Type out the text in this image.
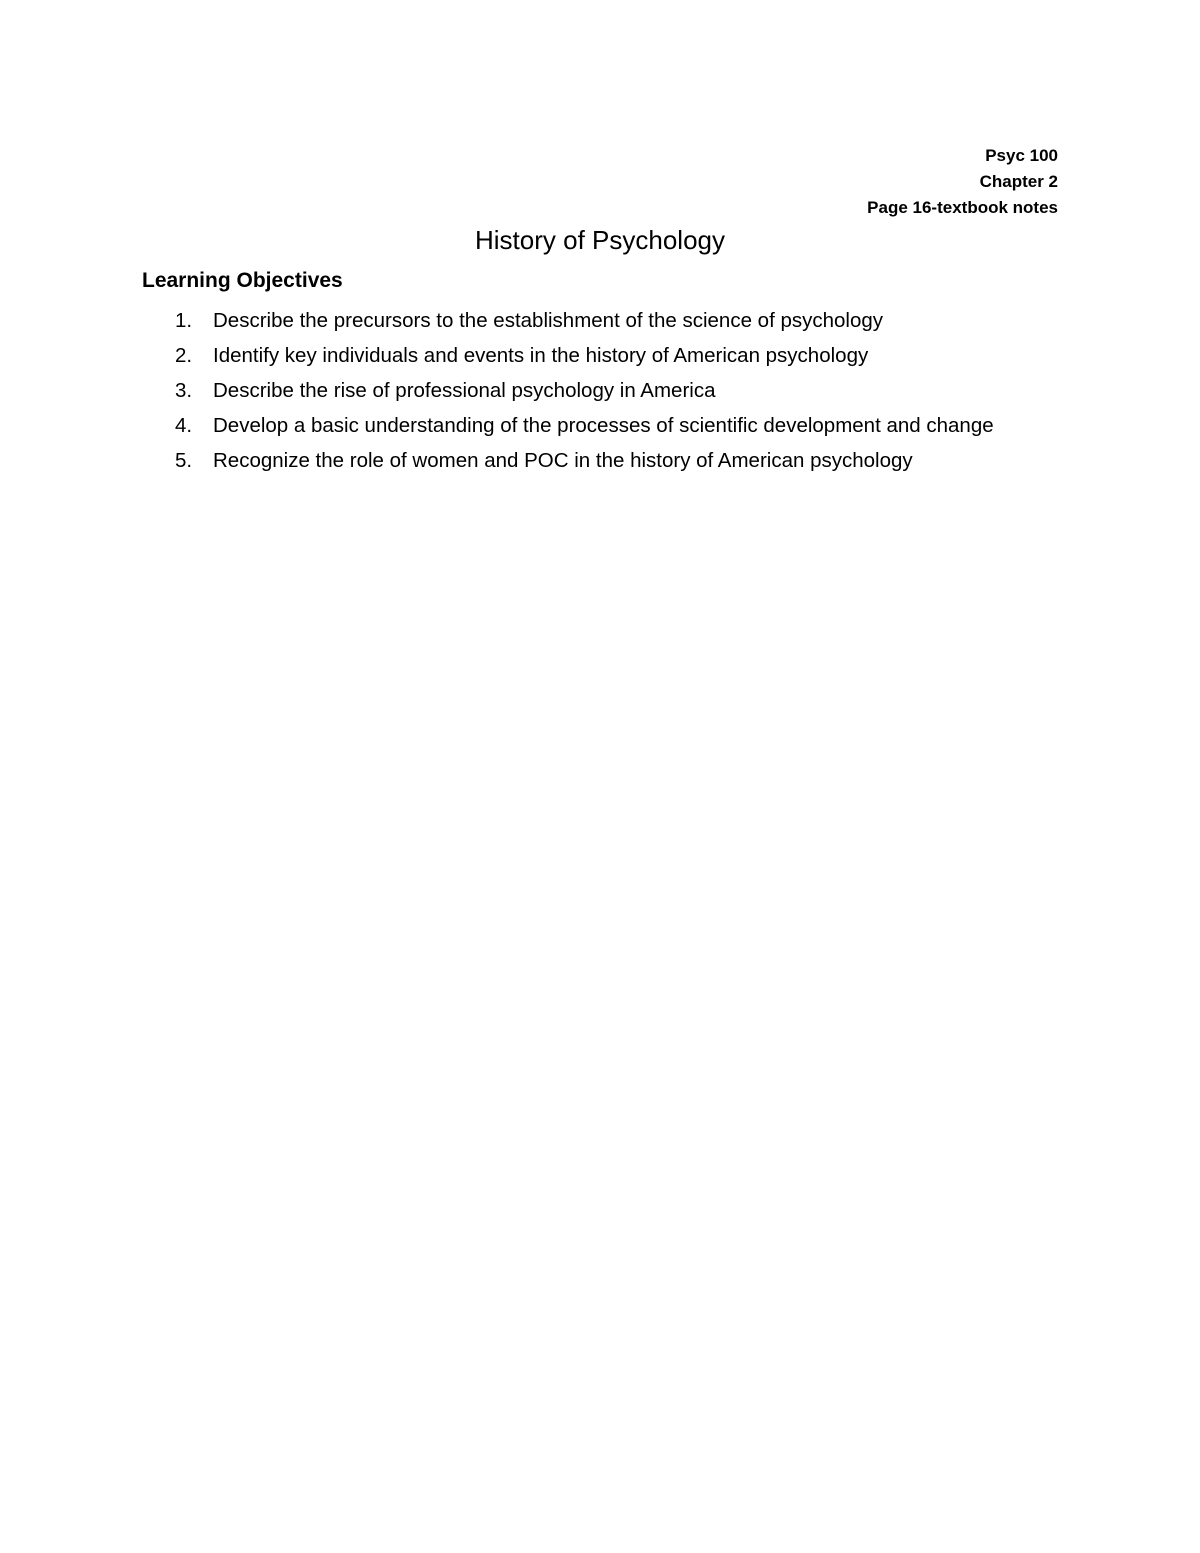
Psyc 100
Chapter 2
Page 16-textbook notes
History of Psychology
Learning Objectives
1. Describe the precursors to the establishment of the science of psychology
2. Identify key individuals and events in the history of American psychology
3. Describe the rise of professional psychology in America
4. Develop a basic understanding of the processes of scientific development and change
5. Recognize the role of women and POC in the history of American psychology
